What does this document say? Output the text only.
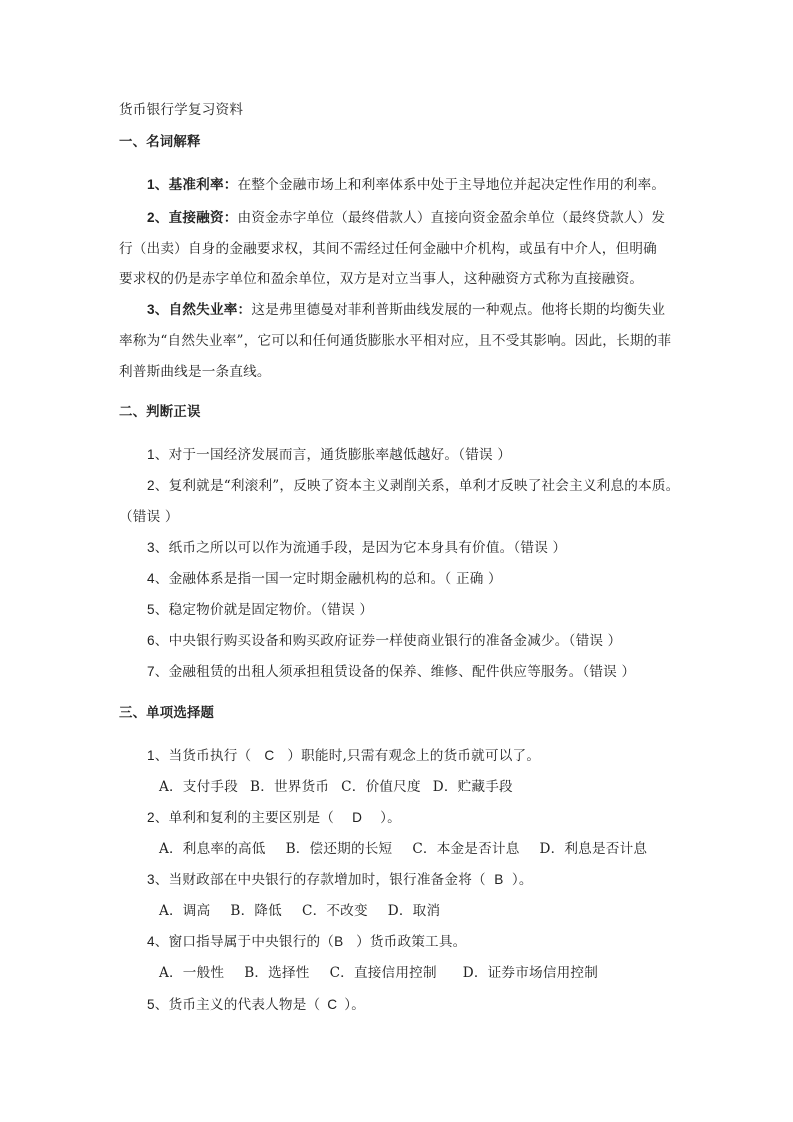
货币银行学复习资料
一、名词解释
1、基准利率：在整个金融市场上和利率体系中处于主导地位并起决定性作用的利率。
2、直接融资：由资金赤字单位（最终借款人）直接向资金盈余单位（最终贷款人）发
行（出卖）自身的金融要求权，其间不需经过任何金融中介机构，或虽有中介人，但明确
要求权的仍是赤字单位和盈余单位，双方是对立当事人，这种融资方式称为直接融资。
3、自然失业率：这是弗里德曼对菲利普斯曲线发展的一种观点。他将长期的均衡失业
率称为“自然失业率”，它可以和任何通货膨胀水平相对应，且不受其影响。因此，长期的菲
利普斯曲线是一条直线。
二、判断正误
1、对于一国经济发展而言，通货膨胀率越低越好。（错误 ）
2、复利就是“利滚利”，反映了资本主义剥削关系，单利才反映了社会主义利息的本质。
（错误 ）
3、纸币之所以可以作为流通手段，是因为它本身具有价值。（错误 ）
4、金融体系是指一国一定时期金融机构的总和。（ 正确 ）
5、稳定物价就是固定物价。（错误 ）
6、中央银行购买设备和购买政府证券一样使商业银行的准备金减少。（错误 ）
7、金融租赁的出租人须承担租赁设备的保养、维修、配件供应等服务。（错误 ）
三、单项选择题
1、当货币执行（ C ）职能时,只需有观念上的货币就可以了。
A．支付手段 B．世界货币 C．价值尺度 D．贮藏手段
2、单利和复利的主要区别是（ D ）。
A．利息率的高低 B．偿还期的长短 C．本金是否计息 D．利息是否计息
3、当财政部在中央银行的存款增加时，银行准备金将（ B ）。
A．调高 B．降低 C．不改变 D．取消
4、窗口指导属于中央银行的（B ）货币政策工具。
A．一般性 B．选择性 C．直接信用控制 D．证券市场信用控制
5、货币主义的代表人物是（ C ）。
